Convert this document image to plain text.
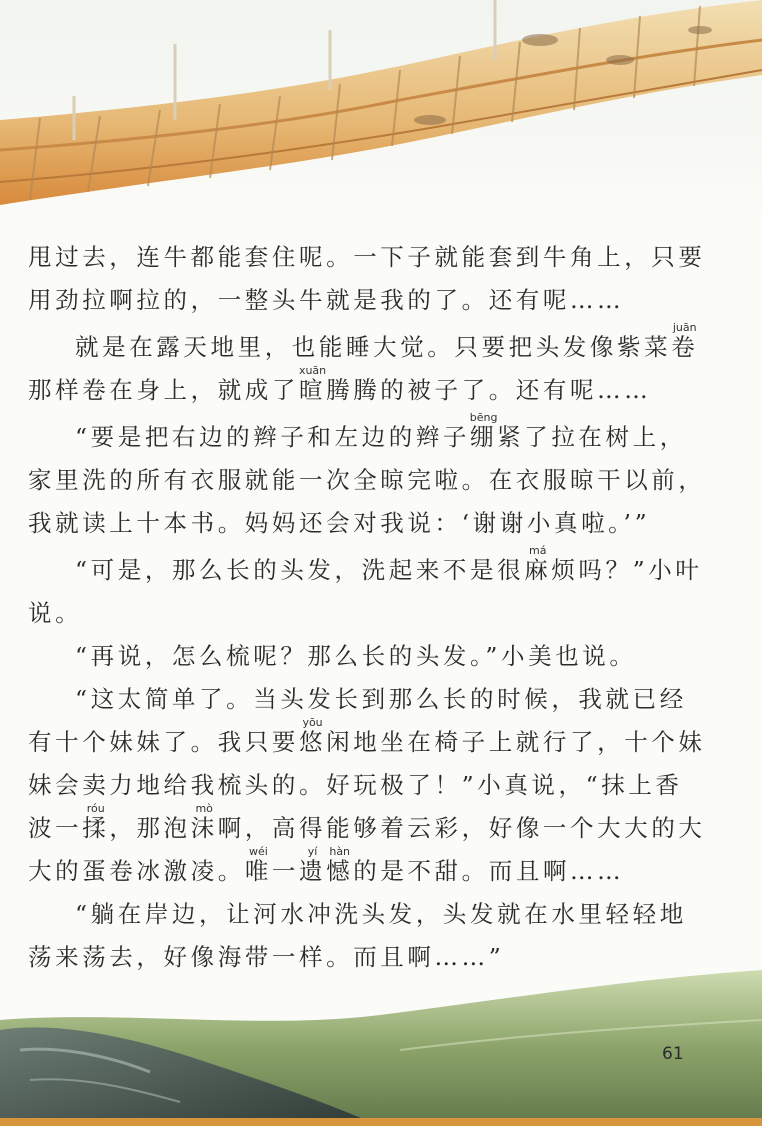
甩过去，连牛都能套住呢。一下子就能套到牛角上，只要用劲拉啊拉的，一整头牛就是我的了。还有呢……

就是在露天地里，也能睡大觉。只要把头发像紫菜卷juān那样卷在身上，就成了暄xuān腾腾的被子了。还有呢……

“要是把右边的辫子和左边的辫子绷bēng紧了拉在树上，家里洗的所有衣服就能一次全晾完啦。在衣服晾干以前，我就读上十本书。妈妈还会对我说：‘谢谢小真啦。’”

“可是，那么长的头发，洗起来不是很麻má烦吗？”小叶说。

“再说，怎么梳呢？那么长的头发。”小美也说。

“这太简单了。当头发长到那么长的时候，我就已经有十个妹妹了。我只要悠yōu闲地坐在椅子上就行了，十个妹妹会卖力地给我梳头的。好玩极了！”小真说，“抹上香波一揉róu，那泡沫mò啊，高得能够着云彩，好像一个大大的大大的蛋卷冰激凌。唯wéi一遗yí憾hàn的是不甜。而且啊……

“躺在岸边，让河水冲洗头发，头发就在水里轻轻地荡来荡去，好像海带一样。而且啊……”

61
